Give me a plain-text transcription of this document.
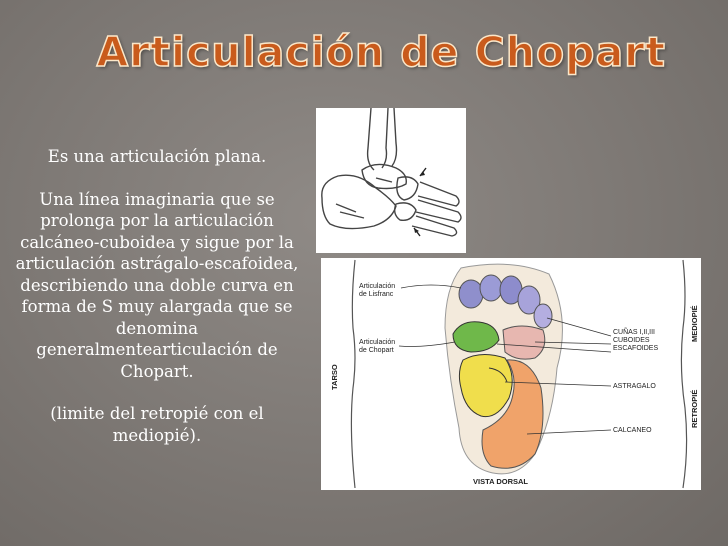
Articulación de Chopart

Es una articulación plana.

Una línea imaginaria que se prolonga por la articulación calcáneo-cuboidea y sigue por la articulación astrágalo-escafoidea, describiendo una doble curva en forma de S muy alargada que se denomina generalmentearticulación de Chopart.

(limite del retropié con el mediopié).

TARSO
MEDIOPIÉ
RETROPIÉ
Articulación
de Lisfranc
Articulación
de Chopart
CUÑAS I,II,III
CUBOIDES
ESCAFOIDES
ASTRAGALO
CALCANEO
VISTA DORSAL
